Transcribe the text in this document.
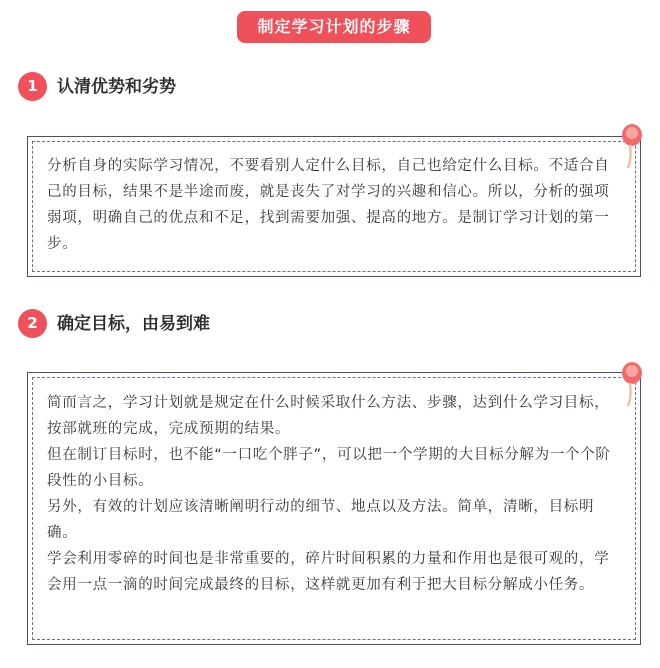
制定学习计划的步骤
1	认清优势和劣势

分析自身的实际学习情况，不要看别人定什么目标，自己也给定什么目标。不适合自己的目标，结果不是半途而废，就是丧失了对学习的兴趣和信心。所以，分析的强项弱项，明确自己的优点和不足，找到需要加强、提高的地方。是制订学习计划的第一步。

2	确定目标，由易到难

简而言之，学习计划就是规定在什么时候采取什么方法、步骤，达到什么学习目标，按部就班的完成，完成预期的结果。

但在制订目标时，也不能“一口吃个胖子”，可以把一个学期的大目标分解为一个个阶段性的小目标。

另外，有效的计划应该清晰阐明行动的细节、地点以及方法。简单，清晰，目标明确。

学会利用零碎的时间也是非常重要的，碎片时间积累的力量和作用也是很可观的，学会用一点一滴的时间完成最终的目标，这样就更加有利于把大目标分解成小任务。
